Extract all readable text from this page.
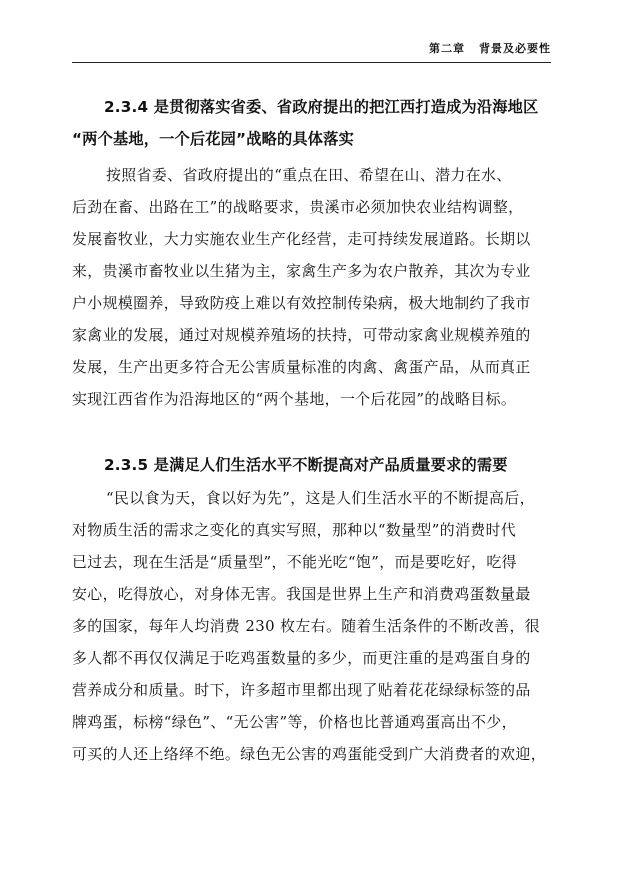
第二章 背景及必要性
2.3.4 是贯彻落实省委、省政府提出的把江西打造成为沿海地区
“两个基地，一个后花园”战略的具体落实
按照省委、省政府提出的“重点在田、希望在山、潜力在水、
后劲在畜、出路在工”的战略要求，贵溪市必须加快农业结构调整，
发展畜牧业，大力实施农业生产化经营，走可持续发展道路。长期以
来，贵溪市畜牧业以生猪为主，家禽生产多为农户散养，其次为专业
户小规模圈养，导致防疫上难以有效控制传染病，极大地制约了我市
家禽业的发展，通过对规模养殖场的扶持，可带动家禽业规模养殖的
发展，生产出更多符合无公害质量标准的肉禽、禽蛋产品，从而真正
实现江西省作为沿海地区的“两个基地，一个后花园”的战略目标。
2.3.5 是满足人们生活水平不断提高对产品质量要求的需要
“民以食为天，食以好为先”，这是人们生活水平的不断提高后，
对物质生活的需求之变化的真实写照，那种以“数量型”的消费时代
已过去，现在生活是“质量型”，不能光吃“饱”，而是要吃好，吃得
安心，吃得放心，对身体无害。我国是世界上生产和消费鸡蛋数量最
多的国家，每年人均消费 230 枚左右。随着生活条件的不断改善，很
多人都不再仅仅满足于吃鸡蛋数量的多少，而更注重的是鸡蛋自身的
营养成分和质量。时下，许多超市里都出现了贴着花花绿绿标签的品
牌鸡蛋，标榜“绿色”、“无公害”等，价格也比普通鸡蛋高出不少，
可买的人还上络绎不绝。绿色无公害的鸡蛋能受到广大消费者的欢迎，
